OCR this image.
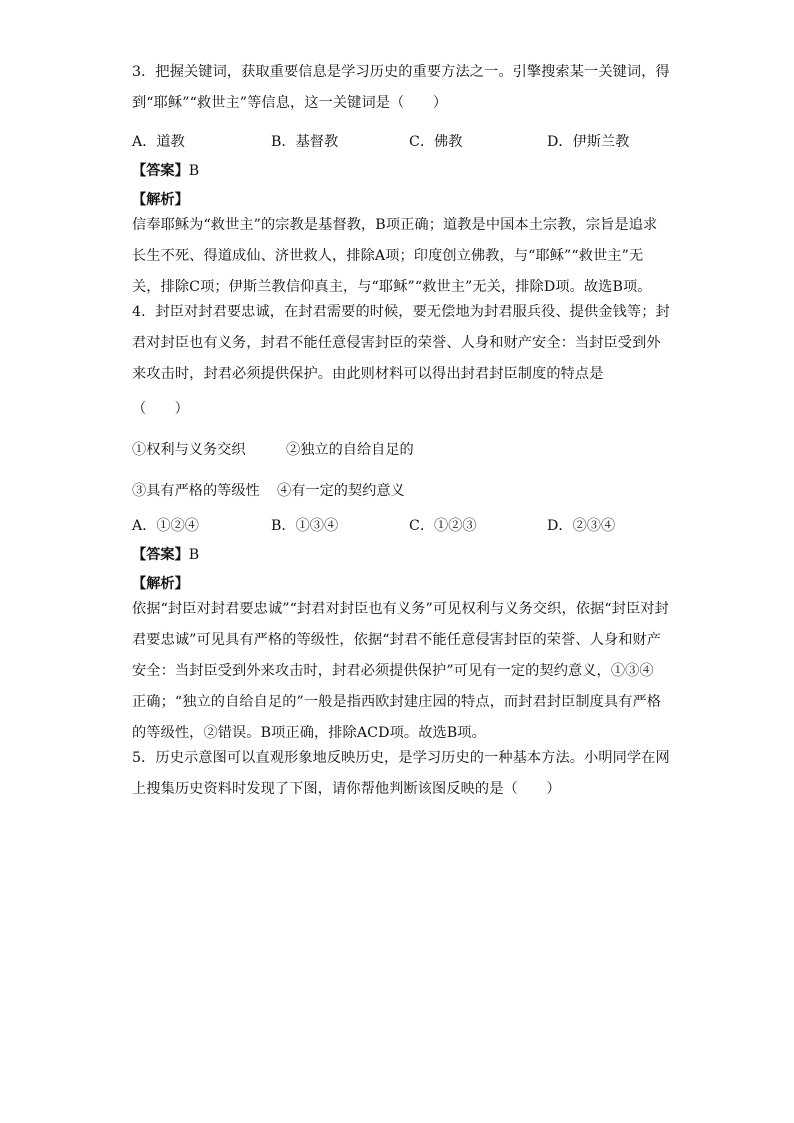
3．把握关键词，获取重要信息是学习历史的重要方法之一。引擎搜索某一关键词，得
到“耶稣”“救世主”等信息，这一关键词是（　　）
A．道教	B．基督教	C．佛教	D．伊斯兰教
【答案】B
【解析】
信奉耶稣为“救世主”的宗教是基督教，B项正确；道教是中国本土宗教，宗旨是追求
长生不死、得道成仙、济世救人，排除A项；印度创立佛教，与“耶稣”“救世主”无
关，排除C项；伊斯兰教信仰真主，与“耶稣”“救世主”无关，排除D项。故选B项。
4．封臣对封君要忠诚，在封君需要的时候，要无偿地为封君服兵役、提供金钱等；封
君对封臣也有义务，封君不能任意侵害封臣的荣誉、人身和财产安全：当封臣受到外
来攻击时，封君必须提供保护。由此则材料可以得出封君封臣制度的特点是
（　　）
①权利与义务交织	②独立的自给自足的
③具有严格的等级性 ④有一定的契约意义
A．①②④	B．①③④	C．①②③	D．②③④
【答案】B
【解析】
依据“封臣对封君要忠诚”“封君对封臣也有义务”可见权利与义务交织，依据“封臣对封
君要忠诚”可见具有严格的等级性，依据“封君不能任意侵害封臣的荣誉、人身和财产
安全：当封臣受到外来攻击时，封君必须提供保护”可见有一定的契约意义，①③④
正确；“独立的自给自足的”一般是指西欧封建庄园的特点，而封君封臣制度具有严格
的等级性，②错误。B项正确，排除ACD项。故选B项。
5．历史示意图可以直观形象地反映历史，是学习历史的一种基本方法。小明同学在网
上搜集历史资料时发现了下图，请你帮他判断该图反映的是（　　）
